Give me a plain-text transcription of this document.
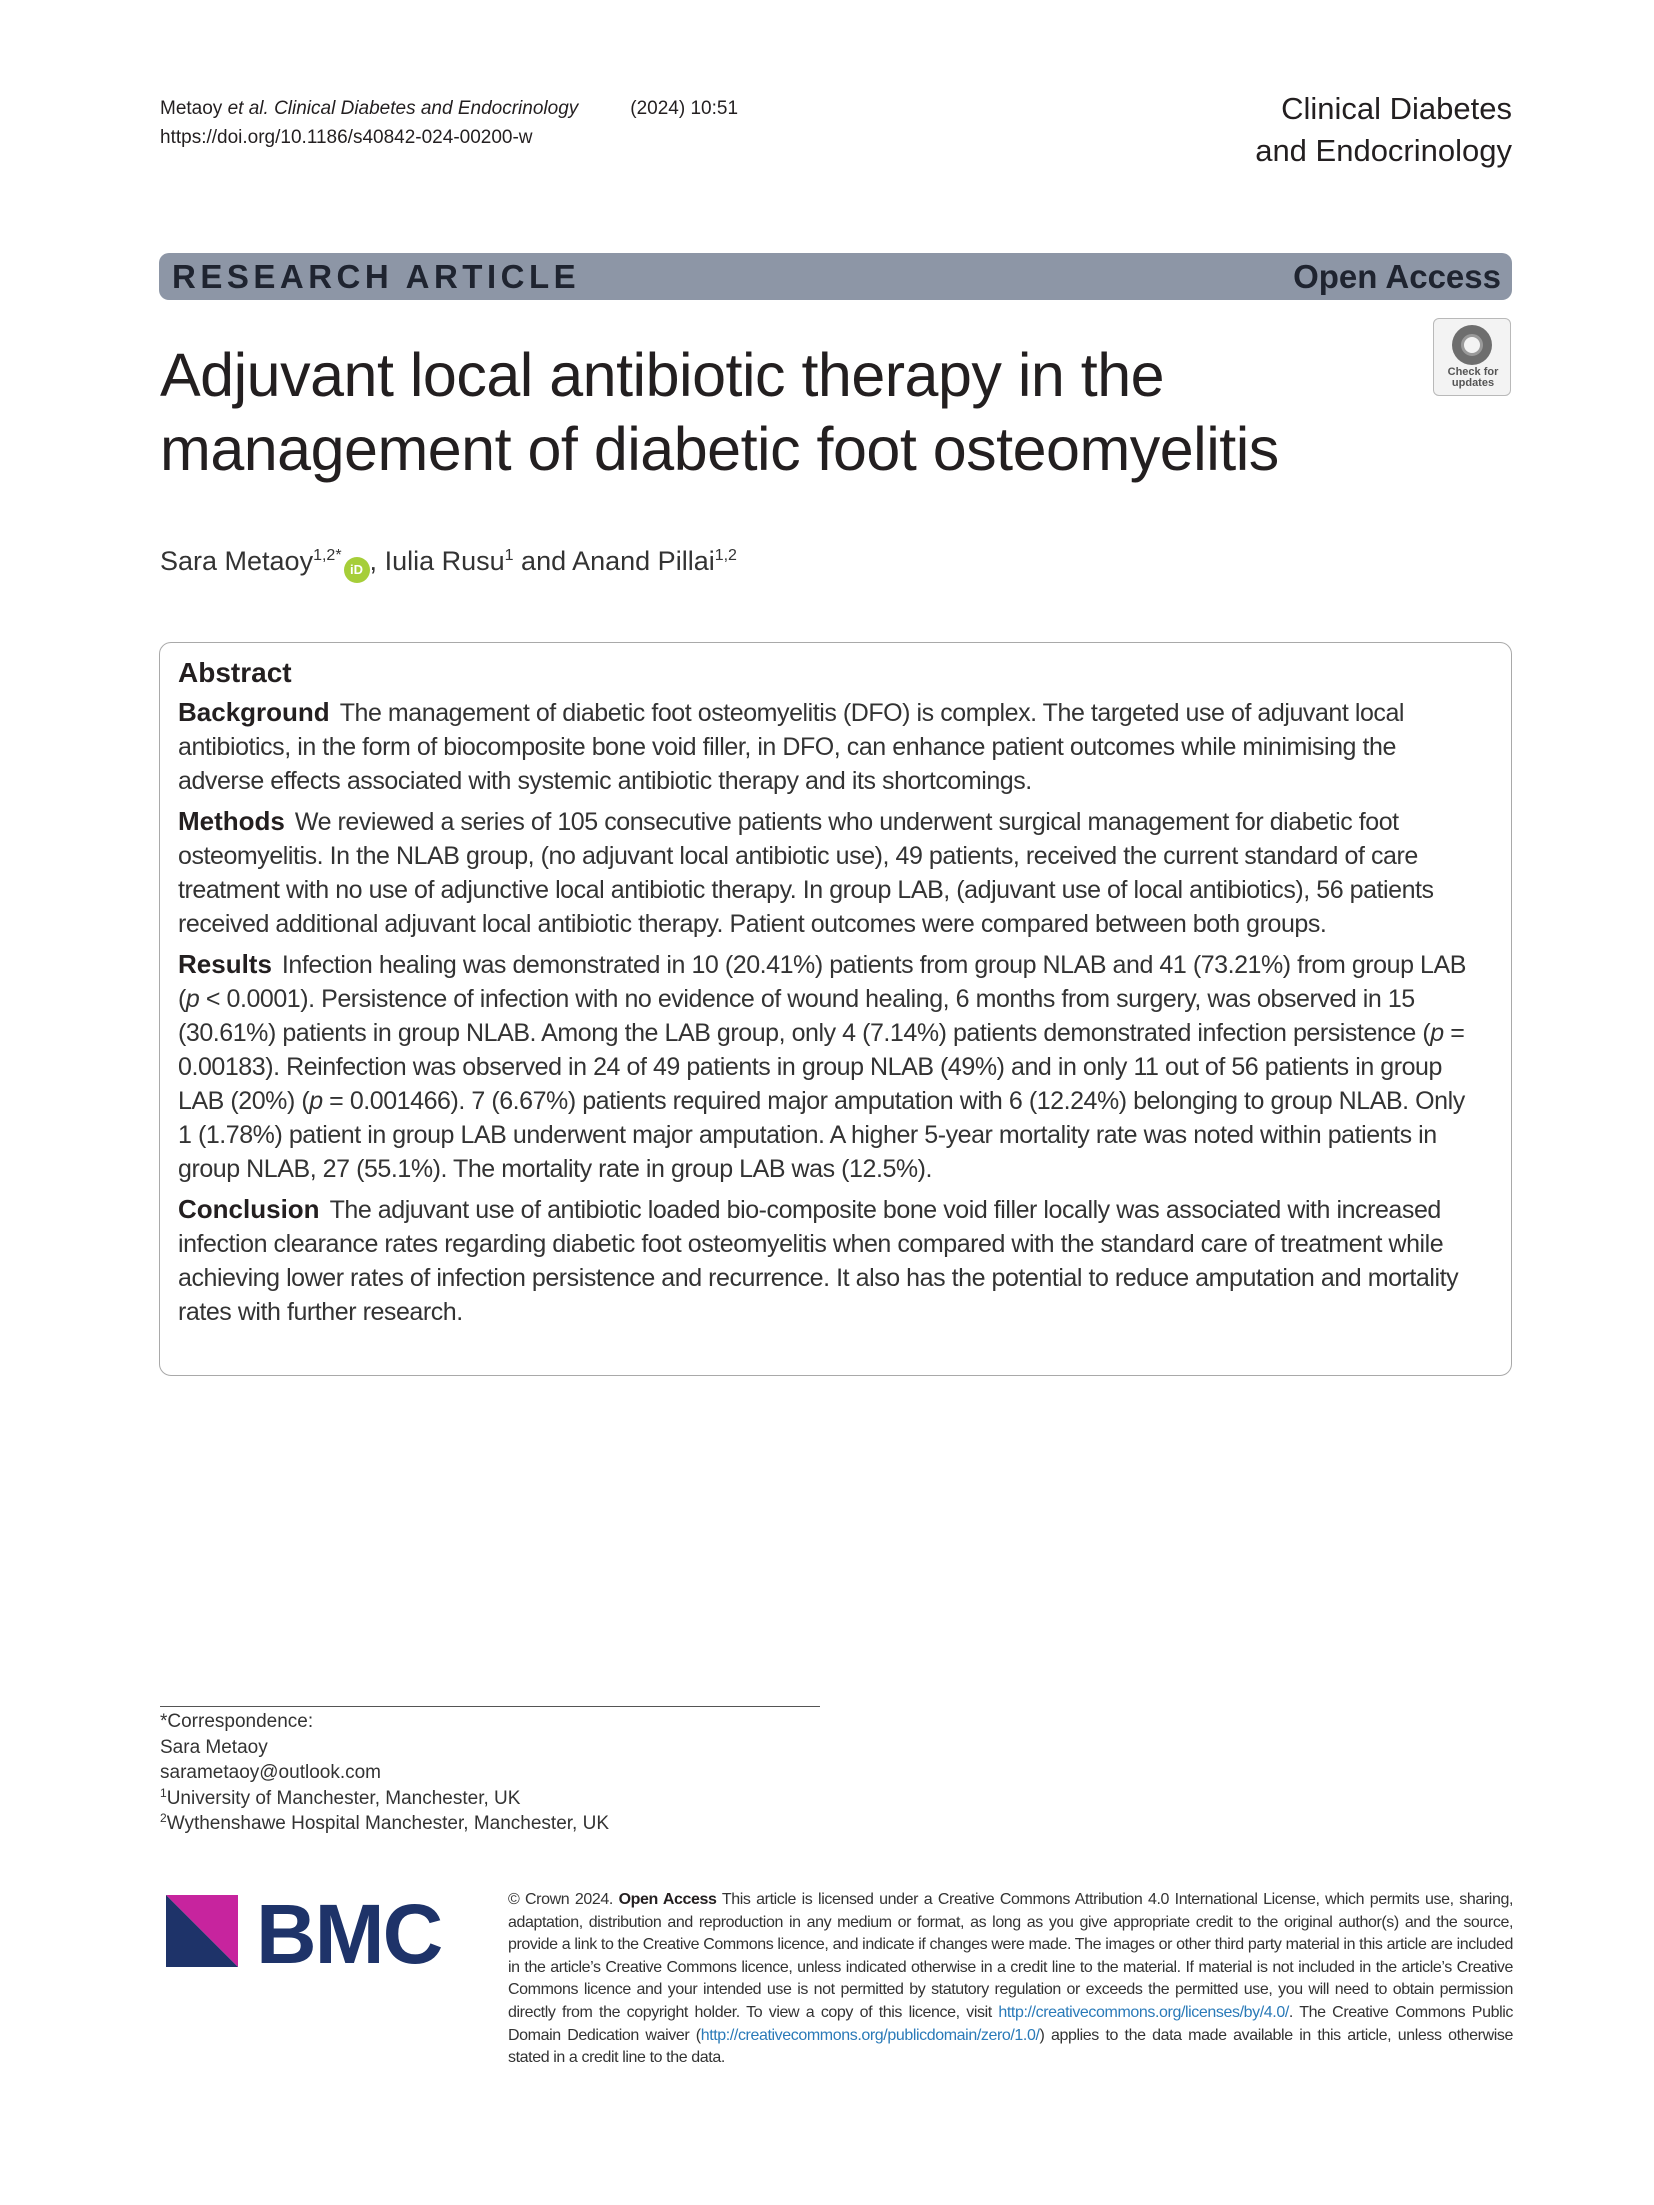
Metaoy et al. Clinical Diabetes and Endocrinology	(2024) 10:51
https://doi.org/10.1186/s40842-024-00200-w
Clinical Diabetes
and Endocrinology
RESEARCH ARTICLE	Open Access
Adjuvant local antibiotic therapy in the management of diabetic foot osteomyelitis
Check for
updates
Sara Metaoy$^{1,2*}$iD , Iulia Rusu$^1$ and Anand Pillai$^{1,2}$
Abstract

Background The management of diabetic foot osteomyelitis (DFO) is complex. The targeted use of adjuvant local antibiotics, in the form of biocomposite bone void filler, in DFO, can enhance patient outcomes while minimising the adverse effects associated with systemic antibiotic therapy and its shortcomings.

Methods We reviewed a series of 105 consecutive patients who underwent surgical management for diabetic foot osteomyelitis. In the NLAB group, (no adjuvant local antibiotic use), 49 patients, received the current standard of care treatment with no use of adjunctive local antibiotic therapy. In group LAB, (adjuvant use of local antibiotics), 56 patients received additional adjuvant local antibiotic therapy. Patient outcomes were compared between both groups.

Results Infection healing was demonstrated in 10 (20.41%) patients from group NLAB and 41 (73.21%) from group LAB (p < 0.0001). Persistence of infection with no evidence of wound healing, 6 months from surgery, was observed in 15 (30.61%) patients in group NLAB. Among the LAB group, only 4 (7.14%) patients demonstrated infection persistence (p = 0.00183). Reinfection was observed in 24 of 49 patients in group NLAB (49%) and in only 11 out of 56 patients in group LAB (20%) (p = 0.001466). 7 (6.67%) patients required major amputation with 6 (12.24%) belonging to group NLAB. Only 1 (1.78%) patient in group LAB underwent major amputation. A higher 5-year mortality rate was noted within patients in group NLAB, 27 (55.1%). The mortality rate in group LAB was (12.5%).

Conclusion The adjuvant use of antibiotic loaded bio-composite bone void filler locally was associated with increased infection clearance rates regarding diabetic foot osteomyelitis when compared with the standard care of treatment while achieving lower rates of infection persistence and recurrence. It also has the potential to reduce amputation and mortality rates with further research.

*Correspondence:
Sara Metaoy
sarametaoy@outlook.com
$^1$University of Manchester, Manchester, UK
$^2$Wythenshawe Hospital Manchester, Manchester, UK
BMC	© Crown 2024. Open Access This article is licensed under a Creative Commons Attribution 4.0 International License, which permits use, sharing, adaptation, distribution and reproduction in any medium or format, as long as you give appropriate credit to the original author(s) and the source, provide a link to the Creative Commons licence, and indicate if changes were made. The images or other third party material in this article are included in the article’s Creative Commons licence, unless indicated otherwise in a credit line to the material. If material is not included in the article’s Creative Commons licence and your intended use is not permitted by statutory regulation or exceeds the permitted use, you will need to obtain permission directly from the copyright holder. To view a copy of this licence, visit http://creativecommons.org/licenses/by/4.0/. The Creative Commons Public Domain Dedication waiver (http://creativecommons.org/publicdomain/zero/1.0/) applies to the data made available in this article, unless otherwise stated in a credit line to the data.
